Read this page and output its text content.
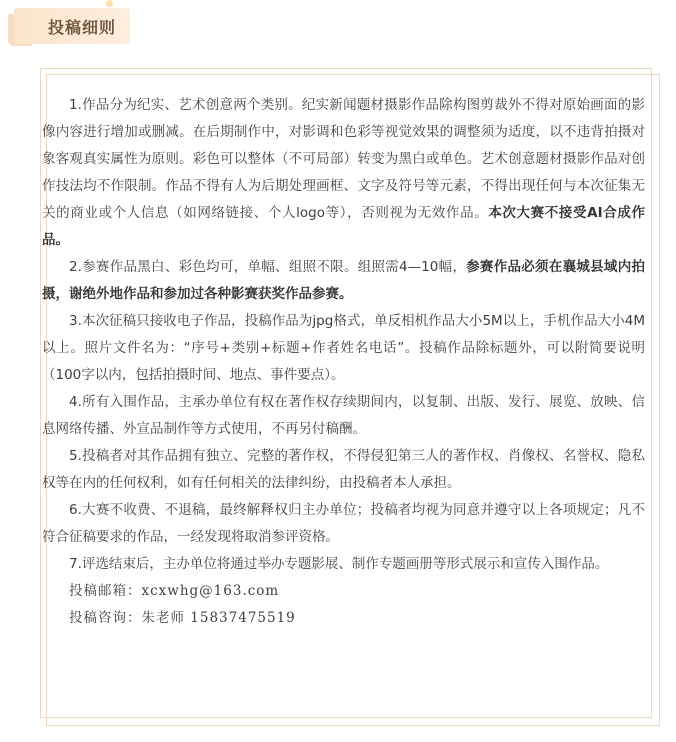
投稿细则

1.作品分为纪实、艺术创意两个类别。纪实新闻题材摄影作品除构图剪裁外不得对原始画面的影像内容进行增加或删减。在后期制作中，对影调和色彩等视觉效果的调整须为适度，以不违背拍摄对象客观真实属性为原则。彩色可以整体（不可局部）转变为黑白或单色。艺术创意题材摄影作品对创作技法均不作限制。作品不得有人为后期处理画框、文字及符号等元素，不得出现任何与本次征集无关的商业或个人信息（如网络链接、个人logo等），否则视为无效作品。本次大赛不接受AI合成作品。

2.参赛作品黑白、彩色均可，单幅、组照不限。组照需4—10幅，参赛作品必须在襄城县域内拍摄，谢绝外地作品和参加过各种影赛获奖作品参赛。

3.本次征稿只接收电子作品，投稿作品为jpg格式，单反相机作品大小5M以上，手机作品大小4M以上。照片文件名为：“序号+类别+标题+作者姓名电话”。投稿作品除标题外，可以附简要说明（100字以内，包括拍摄时间、地点、事件要点）。

4.所有入围作品，主承办单位有权在著作权存续期间内，以复制、出版、发行、展览、放映、信息网络传播、外宣品制作等方式使用，不再另付稿酬。

5.投稿者对其作品拥有独立、完整的著作权，不得侵犯第三人的著作权、肖像权、名誉权、隐私权等在内的任何权利，如有任何相关的法律纠纷，由投稿者本人承担。

6.大赛不收费、不退稿，最终解释权归主办单位；投稿者均视为同意并遵守以上各项规定；凡不符合征稿要求的作品，一经发现将取消参评资格。

7.评选结束后，主办单位将通过举办专题影展、制作专题画册等形式展示和宣传入围作品。

投稿邮箱：xcxwhg@163.com

投稿咨询：朱老师 15837475519
